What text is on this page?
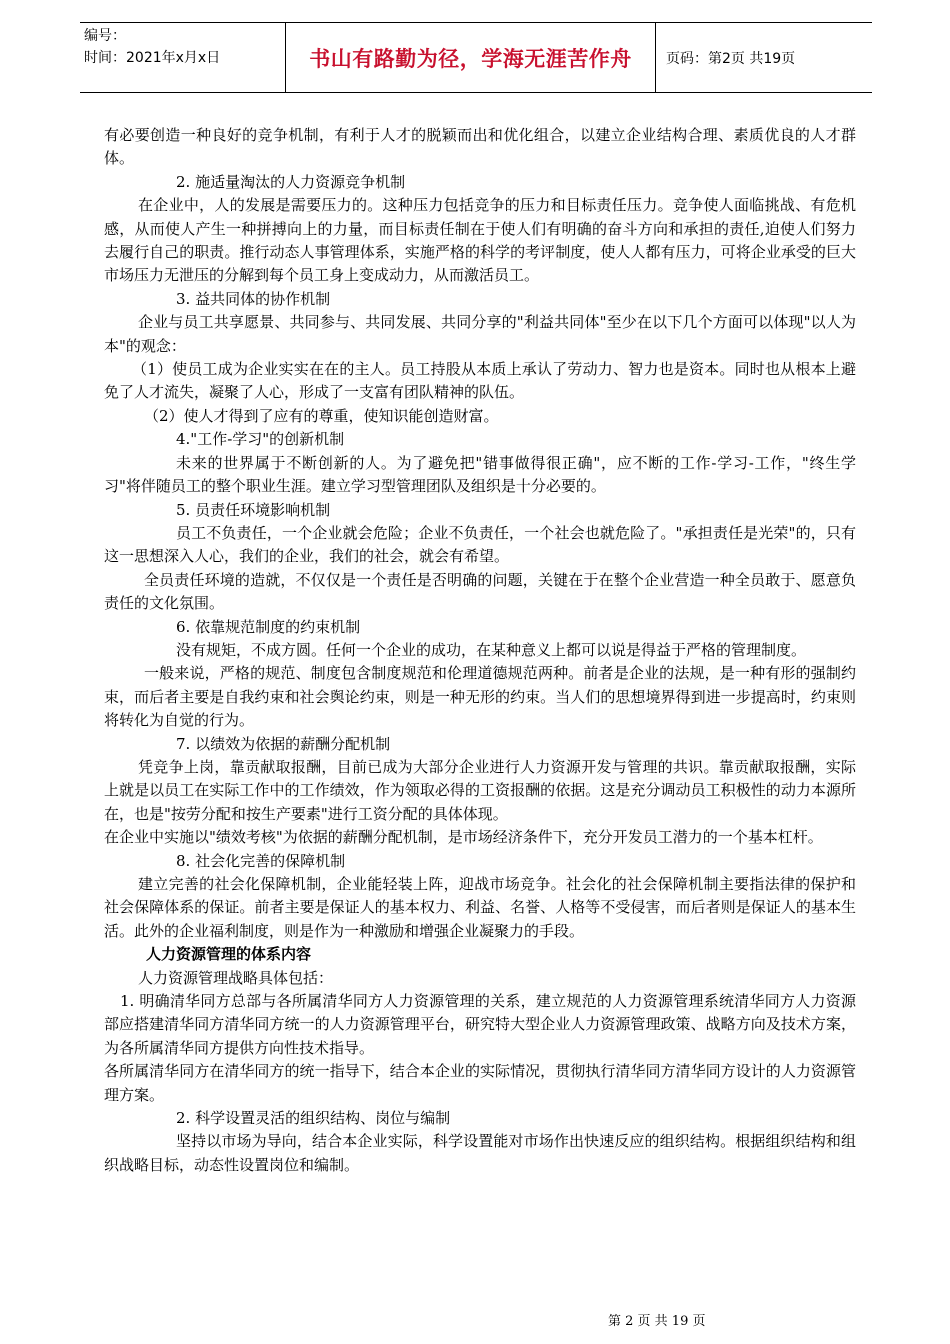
编号：
时间：2021年x月x日	书山有路勤为径，学海无涯苦作舟	页码：第2页 共19页

有必要创造一种良好的竞争机制，有利于人才的脱颖而出和优化组合，以建立企业结构合理、素质优良的人才群体。

2. 施适量淘汰的人力资源竞争机制

在企业中，人的发展是需要压力的。这种压力包括竞争的压力和目标责任压力。竞争使人面临挑战、有危机感，从而使人产生一种拼搏向上的力量，而目标责任制在于使人们有明确的奋斗方向和承担的责任,迫使人们努力去履行自己的职责。推行动态人事管理体系，实施严格的科学的考评制度，使人人都有压力，可将企业承受的巨大市场压力无泄压的分解到每个员工身上变成动力，从而激活员工。

3. 益共同体的协作机制

企业与员工共享愿景、共同参与、共同发展、共同分享的"利益共同体"至少在以下几个方面可以体现"以人为本"的观念：

（1）使员工成为企业实实在在的主人。员工持股从本质上承认了劳动力、智力也是资本。同时也从根本上避免了人才流失，凝聚了人心，形成了一支富有团队精神的队伍。

（2）使人才得到了应有的尊重，使知识能创造财富。

4."工作-学习"的创新机制

未来的世界属于不断创新的人。为了避免把"错事做得很正确"，应不断的工作-学习-工作，"终生学习"将伴随员工的整个职业生涯。建立学习型管理团队及组织是十分必要的。

5. 员责任环境影响机制

员工不负责任，一个企业就会危险；企业不负责任，一个社会也就危险了。"承担责任是光荣"的，只有这一思想深入人心，我们的企业，我们的社会，就会有希望。

全员责任环境的造就，不仅仅是一个责任是否明确的问题，关键在于在整个企业营造一种全员敢于、愿意负责任的文化氛围。

6. 依靠规范制度的约束机制

没有规矩，不成方圆。任何一个企业的成功，在某种意义上都可以说是得益于严格的管理制度。

一般来说，严格的规范、制度包含制度规范和伦理道德规范两种。前者是企业的法规，是一种有形的强制约束，而后者主要是自我约束和社会舆论约束，则是一种无形的约束。当人们的思想境界得到进一步提高时，约束则将转化为自觉的行为。

7. 以绩效为依据的薪酬分配机制

凭竞争上岗，靠贡献取报酬，目前已成为大部分企业进行人力资源开发与管理的共识。靠贡献取报酬，实际上就是以员工在实际工作中的工作绩效，作为领取必得的工资报酬的依据。这是充分调动员工积极性的动力本源所在，也是"按劳分配和按生产要素"进行工资分配的具体体现。

在企业中实施以"绩效考核"为依据的薪酬分配机制，是市场经济条件下，充分开发员工潜力的一个基本杠杆。

8. 社会化完善的保障机制

建立完善的社会化保障机制，企业能轻装上阵，迎战市场竞争。社会化的社会保障机制主要指法律的保护和社会保障体系的保证。前者主要是保证人的基本权力、利益、名誉、人格等不受侵害，而后者则是保证人的基本生活。此外的企业福利制度，则是作为一种激励和增强企业凝聚力的手段。

人力资源管理的体系内容

人力资源管理战略具体包括：

1. 明确清华同方总部与各所属清华同方人力资源管理的关系，建立规范的人力资源管理系统清华同方人力资源部应搭建清华同方清华同方统一的人力资源管理平台，研究特大型企业人力资源管理政策、战略方向及技术方案，为各所属清华同方提供方向性技术指导。

各所属清华同方在清华同方的统一指导下，结合本企业的实际情况，贯彻执行清华同方清华同方设计的人力资源管理方案。

2. 科学设置灵活的组织结构、岗位与编制

坚持以市场为导向，结合本企业实际，科学设置能对市场作出快速反应的组织结构。根据组织结构和组织战略目标，动态性设置岗位和编制。

第 2 页 共 19 页
